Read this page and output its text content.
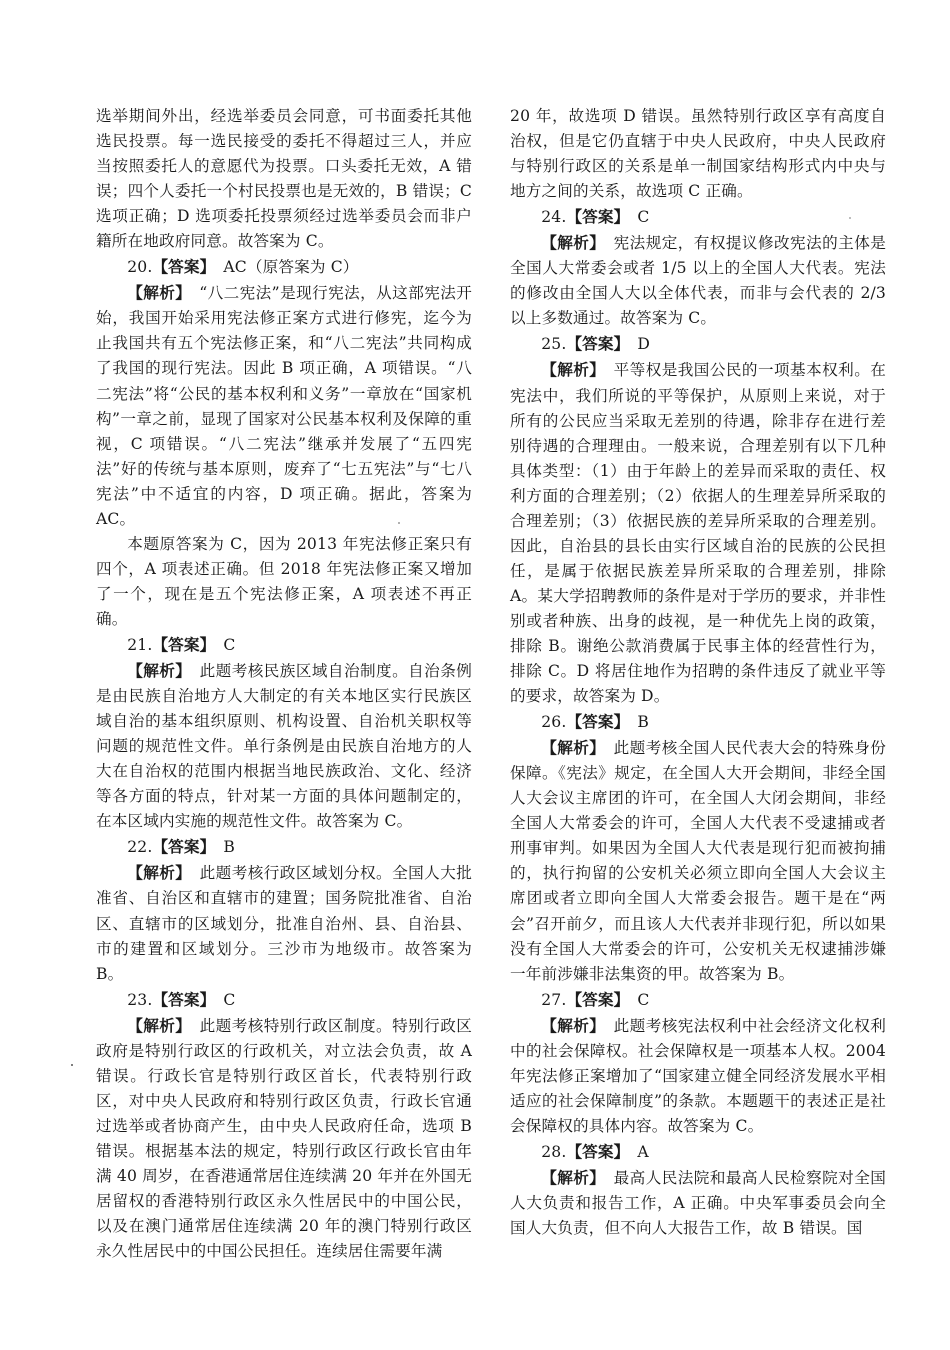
选举期间外出，经选举委员会同意，可书面委托其他选民投票。每一选民接受的委托不得超过三人，并应当按照委托人的意愿代为投票。口头委托无效，A 错误；四个人委托一个村民投票也是无效的，B 错误；C 选项正确；D 选项委托投票须经过选举委员会而非户籍所在地政府同意。故答案为 C。

20.【答案】  AC（原答案为 C）

【解析】  “八二宪法”是现行宪法，从这部宪法开始，我国开始采用宪法修正案方式进行修宪，迄今为止我国共有五个宪法修正案，和“八二宪法”共同构成了我国的现行宪法。因此 B 项正确，A 项错误。“八二宪法”将“公民的基本权利和义务”一章放在“国家机构”一章之前，显现了国家对公民基本权利及保障的重视，C 项错误。“八二宪法”继承并发展了“五四宪法”好的传统与基本原则，废弃了“七五宪法”与“七八宪法”中不适宜的内容，D 项正确。据此，答案为 AC。

本题原答案为 C，因为 2013 年宪法修正案只有四个，A 项表述正确。但 2018 年宪法修正案又增加了一个，现在是五个宪法修正案，A 项表述不再正确。

21.【答案】  C

【解析】  此题考核民族区域自治制度。自治条例是由民族自治地方人大制定的有关本地区实行民族区域自治的基本组织原则、机构设置、自治机关职权等问题的规范性文件。单行条例是由民族自治地方的人大在自治权的范围内根据当地民族政治、文化、经济等各方面的特点，针对某一方面的具体问题制定的，在本区域内实施的规范性文件。故答案为 C。

22.【答案】  B

【解析】  此题考核行政区域划分权。全国人大批准省、自治区和直辖市的建置；国务院批准省、自治区、直辖市的区域划分，批准自治州、县、自治县、市的建置和区域划分。三沙市为地级市。故答案为 B。

23.【答案】  C

【解析】  此题考核特别行政区制度。特别行政区政府是特别行政区的行政机关，对立法会负责，故 A 错误。行政长官是特别行政区首长，代表特别行政区，对中央人民政府和特别行政区负责，行政长官通过选举或者协商产生，由中央人民政府任命，选项 B 错误。根据基本法的规定，特别行政区行政长官由年满 40 周岁，在香港通常居住连续满 20 年并在外国无居留权的香港特别行政区永久性居民中的中国公民，以及在澳门通常居住连续满 20 年的澳门特别行政区永久性居民中的中国公民担任。连续居住需要年满

20 年，故选项 D 错误。虽然特别行政区享有高度自治权，但是它仍直辖于中央人民政府，中央人民政府与特别行政区的关系是单一制国家结构形式内中央与地方之间的关系，故选项 C 正确。

24.【答案】  C

【解析】  宪法规定，有权提议修改宪法的主体是全国人大常委会或者 1/5 以上的全国人大代表。宪法的修改由全国人大以全体代表，而非与会代表的 2/3 以上多数通过。故答案为 C。

25.【答案】  D

【解析】  平等权是我国公民的一项基本权利。在宪法中，我们所说的平等保护，从原则上来说，对于所有的公民应当采取无差别的待遇，除非存在进行差别待遇的合理理由。一般来说，合理差别有以下几种具体类型：（1）由于年龄上的差异而采取的责任、权利方面的合理差别；（2）依据人的生理差异所采取的合理差别；（3）依据民族的差异所采取的合理差别。因此，自治县的县长由实行区域自治的民族的公民担任，是属于依据民族差异所采取的合理差别，排除 A。某大学招聘教师的条件是对于学历的要求，并非性别或者种族、出身的歧视，是一种优先上岗的政策，排除 B。谢绝公款消费属于民事主体的经营性行为，排除 C。D 将居住地作为招聘的条件违反了就业平等的要求，故答案为 D。

26.【答案】  B

【解析】  此题考核全国人民代表大会的特殊身份保障。《宪法》规定，在全国人大开会期间，非经全国人大会议主席团的许可，在全国人大闭会期间，非经全国人大常委会的许可，全国人大代表不受逮捕或者刑事审判。如果因为全国人大代表是现行犯而被拘捕的，执行拘留的公安机关必须立即向全国人大会议主席团或者立即向全国人大常委会报告。题干是在“两会”召开前夕，而且该人大代表并非现行犯，所以如果没有全国人大常委会的许可，公安机关无权逮捕涉嫌一年前涉嫌非法集资的甲。故答案为 B。

27.【答案】  C

【解析】  此题考核宪法权利中社会经济文化权利中的社会保障权。社会保障权是一项基本人权。2004 年宪法修正案增加了“国家建立健全同经济发展水平相适应的社会保障制度”的条款。本题题干的表述正是社会保障权的具体内容。故答案为 C。

28.【答案】  A

【解析】  最高人民法院和最高人民检察院对全国人大负责和报告工作，A 正确。中央军事委员会向全国人大负责，但不向人大报告工作，故 B 错误。国
